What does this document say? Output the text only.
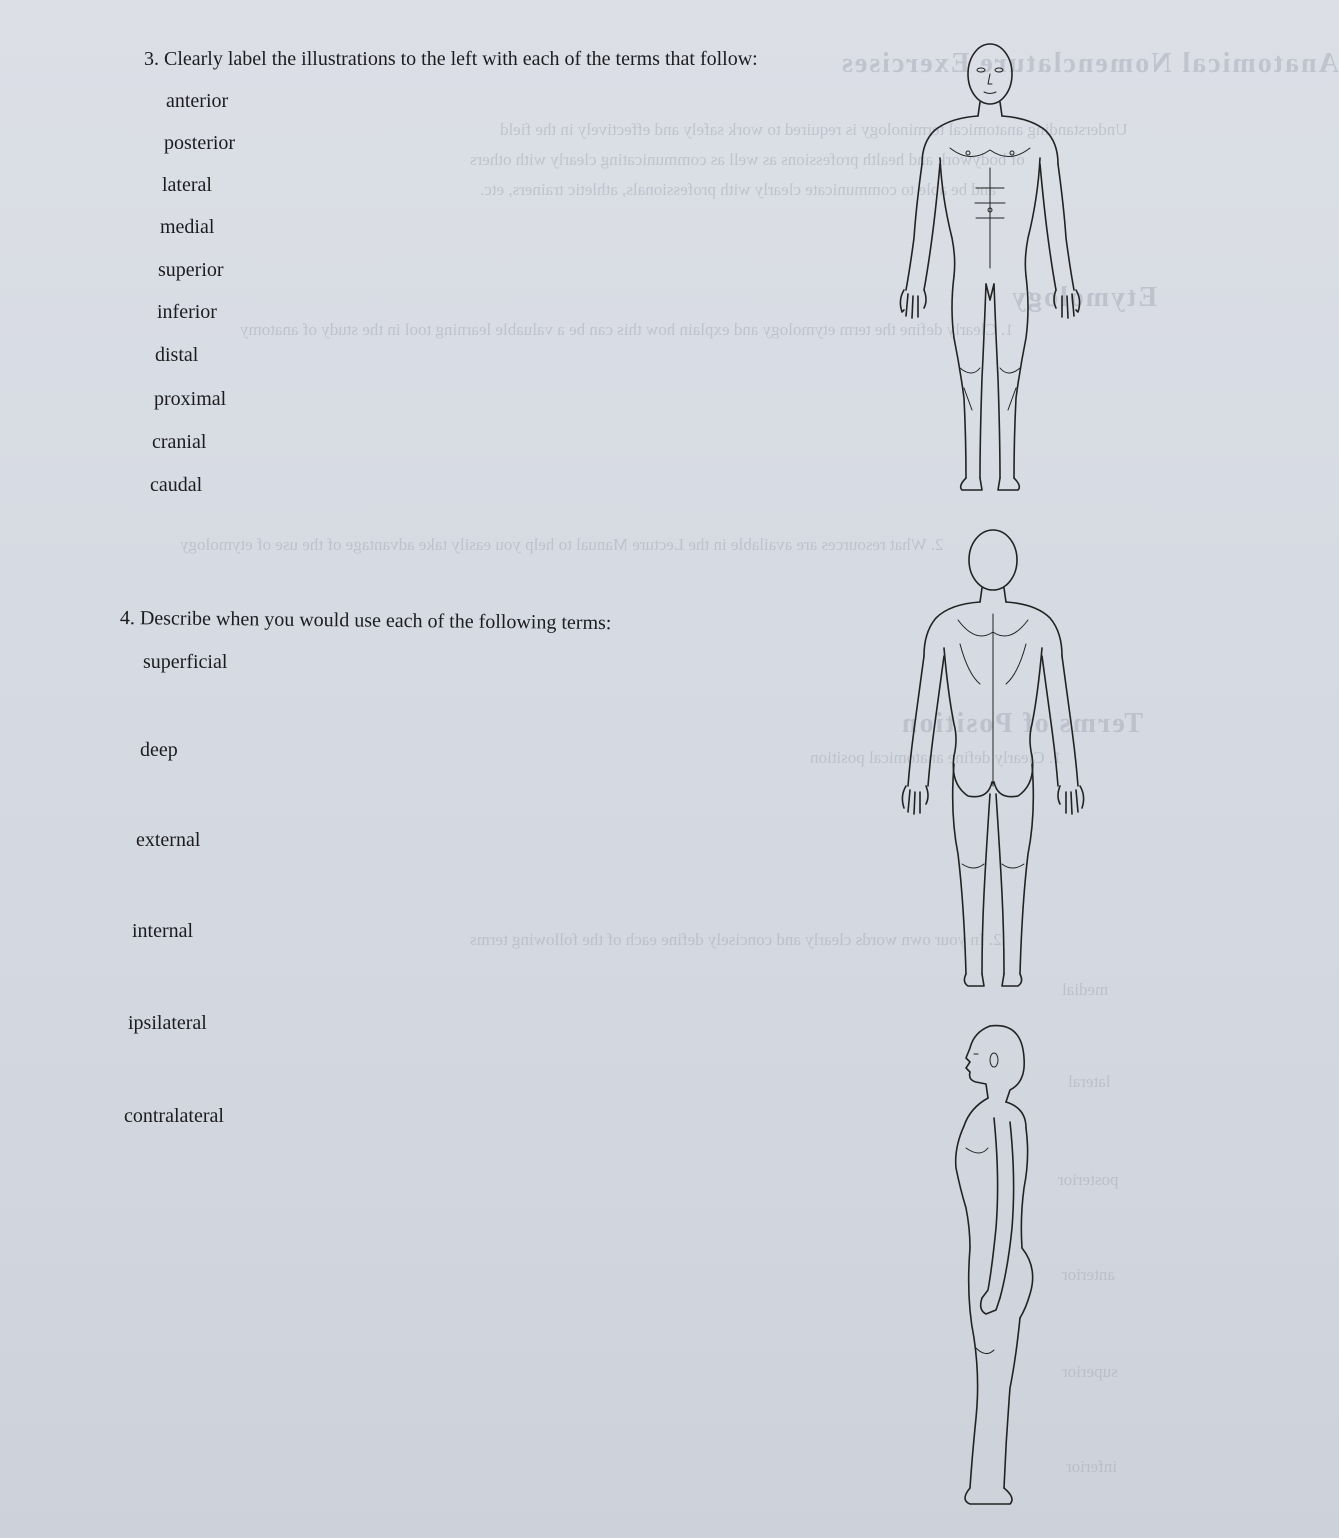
Anatomical Nomenclature Exercises
Understanding anatomical terminology is required to work safely and effectively in the field
of bodywork and health professions as well as communicating clearly with others
and be able to communicate clearly with professionals, athletic trainers, etc.
Etymology
1. Clearly define the term etymology and explain how this can be a valuable learning tool in the study of anatomy
2. What resources are available in the Lecture Manual to help you easily take advantage of the use of etymology
Terms of Position
1. Clearly define anatomical position
2. In your own words clearly and concisely define each of the following terms
medial
lateral
posterior
anterior
superior
inferior

3. Clearly label the illustrations to the left with each of the terms that follow:

anterior

posterior

lateral

medial

superior

inferior

distal

proximal

cranial

caudal

4. Describe when you would use each of the following terms:

superficial

deep

external

internal

ipsilateral

contralateral
